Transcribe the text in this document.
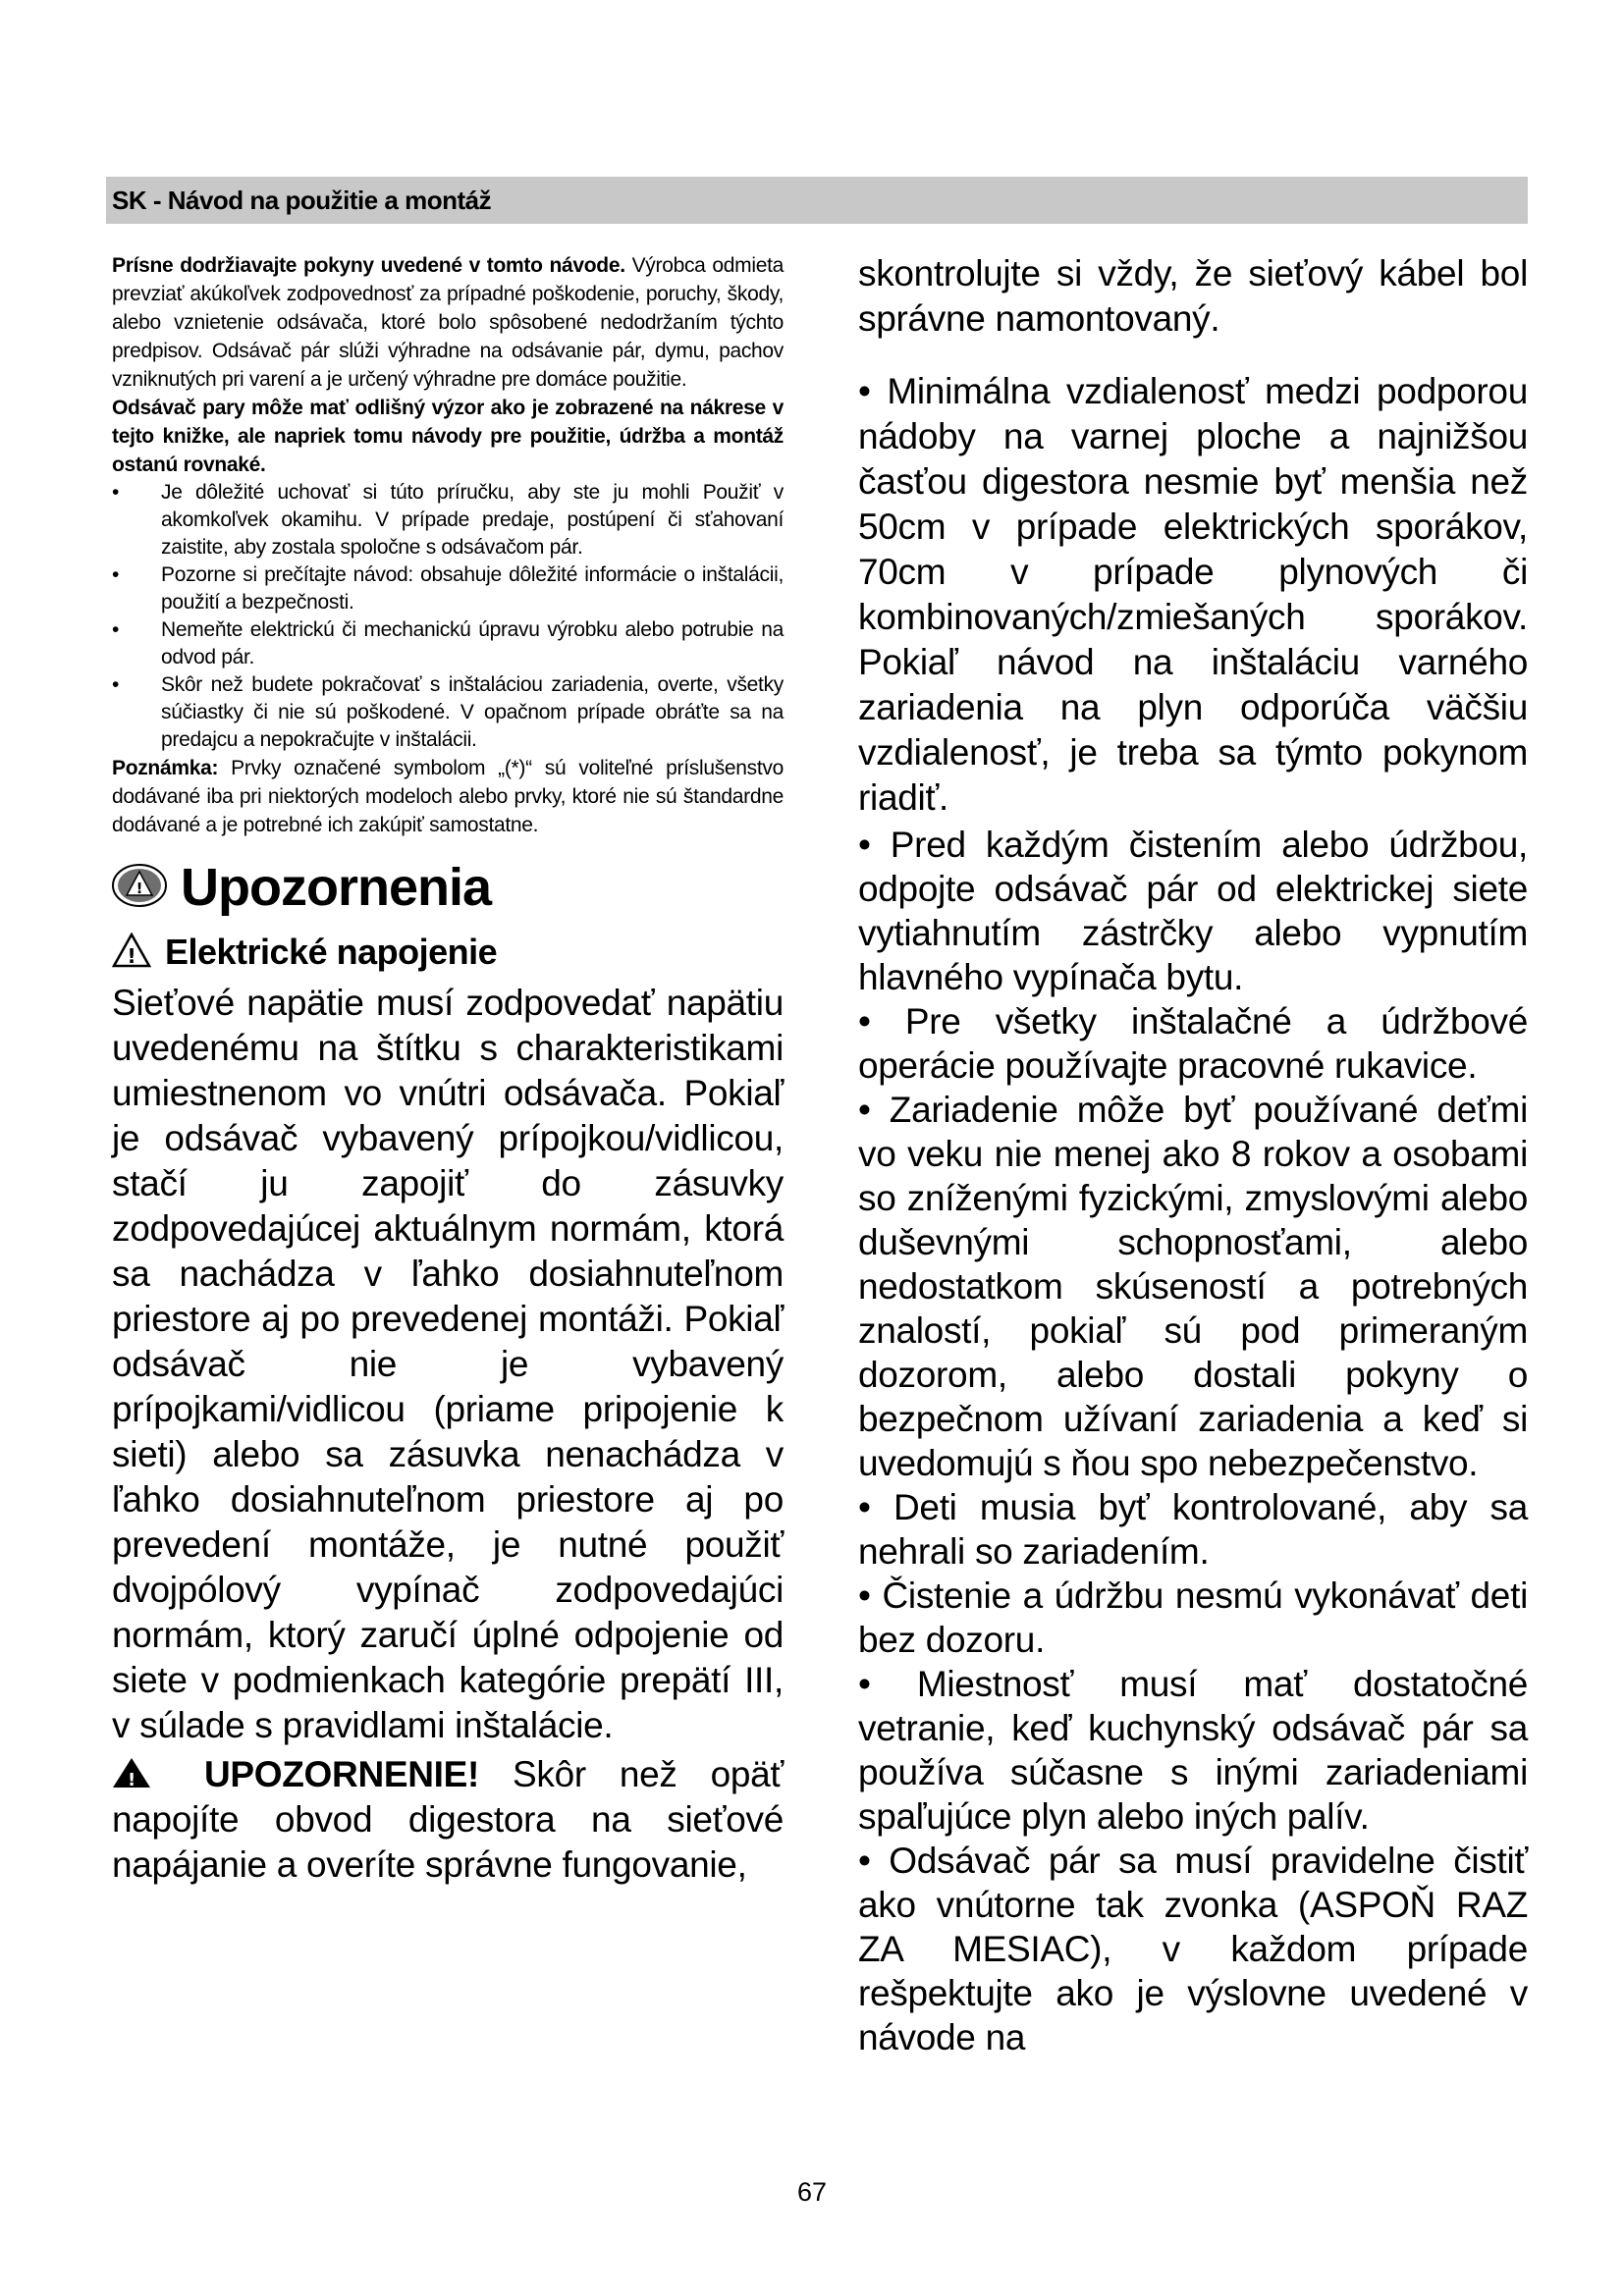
SK - Návod na použitie a montáž

Prísne dodržiavajte pokyny uvedené v tomto návode. Výrobca odmieta prevziať akúkoľvek zodpovednosť za prípadné poškodenie, poruchy, škody, alebo vznietenie odsávača, ktoré bolo spôsobené nedodržaním týchto predpisov. Odsávač pár slúži výhradne na odsávanie pár, dymu, pachov vzniknutých pri varení a je určený výhradne pre domáce použitie.

Odsávač pary môže mať odlišný výzor ako je zobrazené na nákrese v tejto knižke, ale napriek tomu návody pre použitie, údržba a montáž ostanú rovnaké.

• Je dôležité uchovať si túto príručku, aby ste ju mohli Použiť v akomkoľvek okamihu. V prípade predaje, postúpení či sťahovaní zaistite, aby zostala spoločne s odsávačom pár.
• Pozorne si prečítajte návod: obsahuje dôležité informácie o inštalácii, použití a bezpečnosti.
• Nemeňte elektrickú či mechanickú úpravu výrobku alebo potrubie na odvod pár.
• Skôr než budete pokračovať s inštaláciou zariadenia, overte, všetky súčiastky či nie sú poškodené. V opačnom prípade obráťte sa na predajcu a nepokračujte v inštalácii.

Poznámka: Prvky označené symbolom „(*)“ sú voliteľné príslušenstvo dodávané iba pri niektorých modeloch alebo prvky, ktoré nie sú štandardne dodávané a je potrebné ich zakúpiť samostatne.

! Upozornenia
! Elektrické napojenie

Sieťové napätie musí zodpovedať napätiu uvedenému na štítku s charakteristikami umiestnenom vo vnútri odsávača. Pokiaľ je odsávač vybavený prípojkou/vidlicou, stačí ju zapojiť do zásuvky zodpovedajúcej aktuálnym normám, ktorá sa nachádza v ľahko dosiahnuteľnom priestore aj po prevedenej montáži. Pokiaľ odsávač nie je vybavený prípojkami/vidlicou (priame pripojenie k sieti) alebo sa zásuvka nenachádza v ľahko dosiahnuteľnom priestore aj po prevedení montáže, je nutné použiť dvojpólový vypínač zodpovedajúci normám, ktorý zaručí úplné odpojenie od siete v podmienkach kategórie prepätí III, v súlade s pravidlami inštalácie.

! UPOZORNENIE! Skôr než opäť napojíte obvod digestora na sieťové napájanie a overíte správne fungovanie,

skontrolujte si vždy, že sieťový kábel bol správne namontovaný.

• Minimálna vzdialenosť medzi podporou nádoby na varnej ploche a najnižšou časťou digestora nesmie byť menšia než 50cm v prípade elektrických sporákov, 70cm v prípade plynových či kombinovaných/zmiešaných sporákov. Pokiaľ návod na inštaláciu varného zariadenia na plyn odporúča väčšiu vzdialenosť, je treba sa týmto pokynom riadiť.

• Pred každým čistením alebo údržbou, odpojte odsávač pár od elektrickej siete vytiahnutím zástrčky alebo vypnutím hlavného vypínača bytu.

• Pre všetky inštalačné a údržbové operácie používajte pracovné rukavice.

• Zariadenie môže byť používané deťmi vo veku nie menej ako 8 rokov a osobami so zníženými fyzickými, zmyslovými alebo duševnými schopnosťami, alebo nedostatkom skúseností a potrebných znalostí, pokiaľ sú pod primeraným dozorom, alebo dostali pokyny o bezpečnom užívaní zariadenia a keď si uvedomujú s ňou spo nebezpečenstvo.

• Deti musia byť kontrolované, aby sa nehrali so zariadením.

• Čistenie a údržbu nesmú vykonávať deti bez dozoru.

• Miestnosť musí mať dostatočné vetranie, keď kuchynský odsávač pár sa používa súčasne s inými zariadeniami spaľujúce plyn alebo iných palív.

• Odsávač pár sa musí pravidelne čistiť ako vnútorne tak zvonka (ASPOŇ RAZ ZA MESIAC), v každom prípade rešpektujte ako je výslovne uvedené v návode na

67
